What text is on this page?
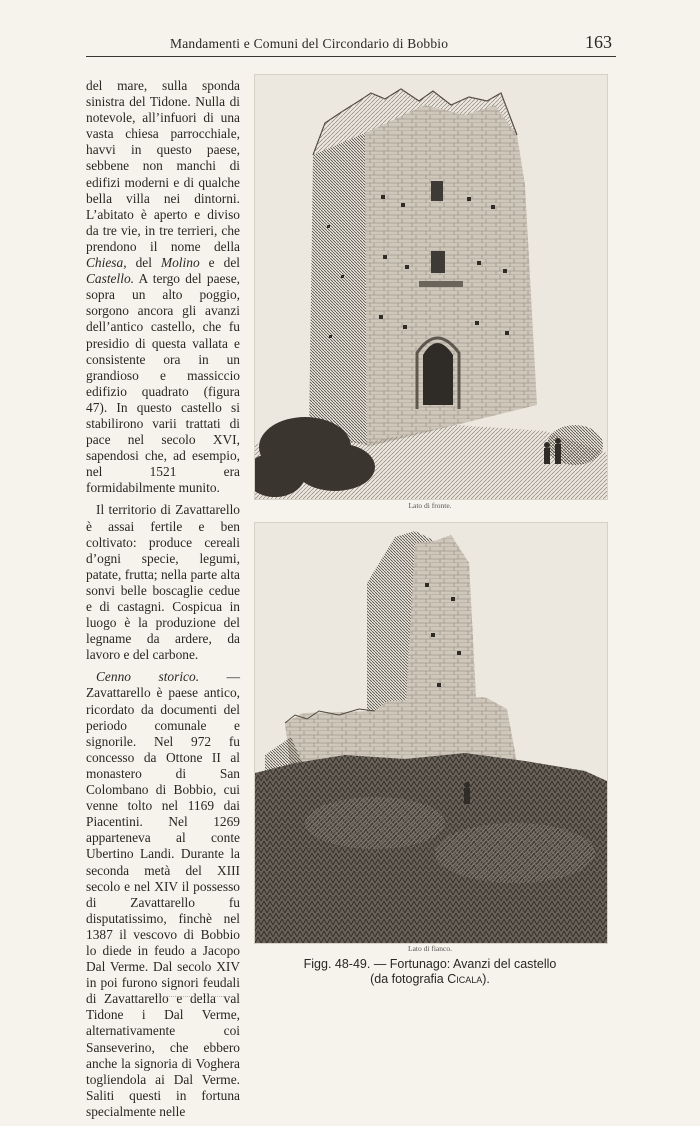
Mandamenti e Comuni del Circondario di Bobbio	163

del mare, sulla sponda sinistra del Tidone. Nulla di notevole, all’infuori di una vasta chiesa parrocchiale, havvi in questo paese, sebbene non manchi di edifizi moderni e di qualche bella villa nei dintorni. L’abitato è aperto e diviso da tre vie, in tre terrieri, che prendono il nome della Chiesa, del Molino e del Castello. A tergo del paese, sopra un alto poggio, sorgono ancora gli avanzi dell’antico castello, che fu presidio di questa vallata e consistente ora in un grandioso e massiccio edifizio quadrato (figura 47). In questo castello si stabilirono varii trattati di pace nel secolo XVI, sapendosi che, ad esempio, nel 1521 era formidabilmente munito.

Il territorio di Zavattarello è assai fertile e ben coltivato: produce cereali d’ogni specie, legumi, patate, frutta; nella parte alta sonvi belle boscaglie cedue e di castagni. Cospicua in luogo è la produzione del legname da ardere, da lavoro e del carbone.

Cenno storico. — Zavattarello è paese antico, ricordato da documenti del periodo comunale e signorile. Nel 972 fu concesso da Ottone II al monastero di San Colombano di Bobbio, cui venne tolto nel 1169 dai Piacentini. Nel 1269 apparteneva al conte Ubertino Landi. Durante la seconda metà del XIII secolo e nel XIV il possesso di Zavattarello fu disputatissimo, finchè nel 1387 il vescovo di Bobbio lo diede in feudo a Jacopo Dal Verme. Dal secolo XIV in poi furono signori feudali di Zavattarello e della val Tidone i Dal Verme, alternativamente coi Sanseverino, che ebbero anche la signoria di Voghera togliendola ai Dal Verme. Saliti questi in fortuna specialmente nelle

Lato di fronte.
Lato di fianco.
Figg. 48-49. — Fortunago: Avanzi del castello
(da fotografia Cicala).
